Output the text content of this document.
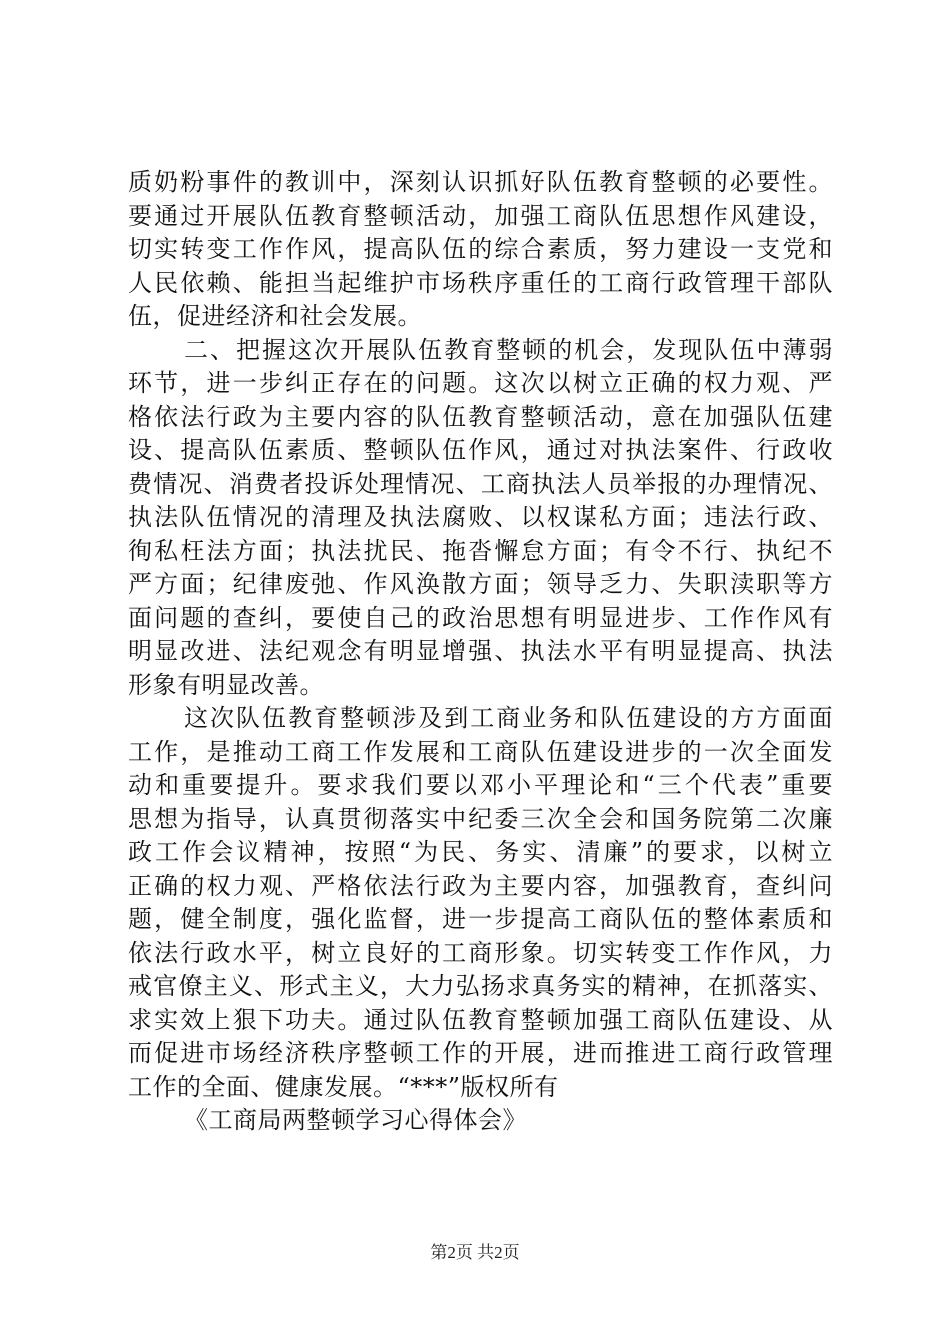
质奶粉事件的教训中，深刻认识抓好队伍教育整顿的必要性。
要通过开展队伍教育整顿活动，加强工商队伍思想作风建设，
切实转变工作作风，提高队伍的综合素质，努力建设一支党和
人民依赖、能担当起维护市场秩序重任的工商行政管理干部队
伍，促进经济和社会发展。
二、把握这次开展队伍教育整顿的机会，发现队伍中薄弱
环节，进一步纠正存在的问题。这次以树立正确的权力观、严
格依法行政为主要内容的队伍教育整顿活动，意在加强队伍建
设、提高队伍素质、整顿队伍作风，通过对执法案件、行政收
费情况、消费者投诉处理情况、工商执法人员举报的办理情况、
执法队伍情况的清理及执法腐败、以权谋私方面；违法行政、
徇私枉法方面；执法扰民、拖沓懈怠方面；有令不行、执纪不
严方面；纪律废弛、作风涣散方面；领导乏力、失职渎职等方
面问题的查纠，要使自己的政治思想有明显进步、工作作风有
明显改进、法纪观念有明显增强、执法水平有明显提高、执法
形象有明显改善。
这次队伍教育整顿涉及到工商业务和队伍建设的方方面面
工作，是推动工商工作发展和工商队伍建设进步的一次全面发
动和重要提升。要求我们要以邓小平理论和“三个代表”重要
思想为指导，认真贯彻落实中纪委三次全会和国务院第二次廉
政工作会议精神，按照“为民、务实、清廉”的要求，以树立
正确的权力观、严格依法行政为主要内容，加强教育，查纠问
题，健全制度，强化监督，进一步提高工商队伍的整体素质和
依法行政水平，树立良好的工商形象。切实转变工作作风，力
戒官僚主义、形式主义，大力弘扬求真务实的精神，在抓落实、
求实效上狠下功夫。通过队伍教育整顿加强工商队伍建设、从
而促进市场经济秩序整顿工作的开展，进而推进工商行政管理
工作的全面、健康发展。“***”版权所有
《工商局两整顿学习心得体会》
第2页 共2页
